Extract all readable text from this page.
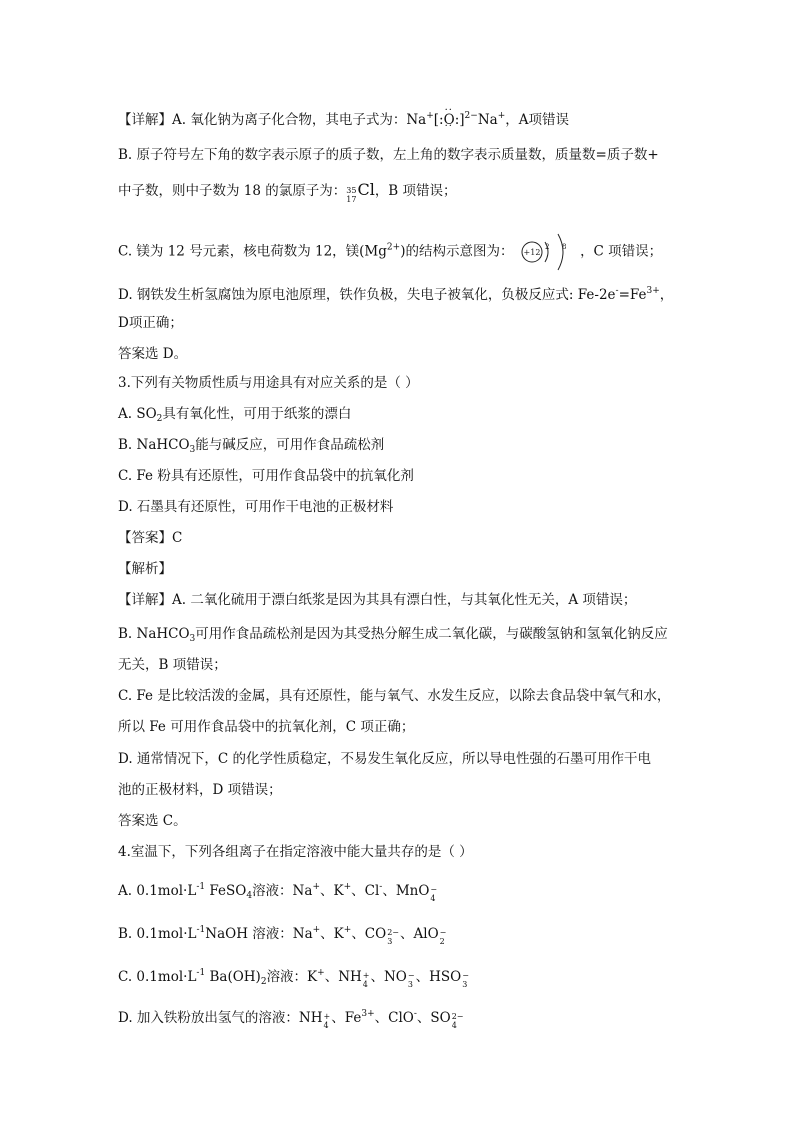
【详解】A. 氧化钠为离子化合物，其电子式为：Na+[:·· O ··:]$^{2-}$Na+，A项错误
B. 原子符号左下角的数字表示原子的质子数，左上角的数字表示质量数，质量数=质子数+
中子数，则中子数为 18 的氯原子为： 35
17
Cl，B 项错误；
C. 镁为 12 号元素，核电荷数为 12，镁$(Mg^{2+})$的结构示意图为： +12
2 8 ，C 项错误；
D. 钢铁发生析氢腐蚀为原电池原理，铁作负极，失电子被氧化，负极反应式: $Fe-2e^-=Fe^{3+}$，
D项正确；
答案选 D。
3.下列有关物质性质与用途具有对应关系的是（ ）
A. $SO_2$具有氧化性，可用于纸浆的漂白
B. NaHCO$_3$能与碱反应，可用作食品疏松剂
C. Fe 粉具有还原性，可用作食品袋中的抗氧化剂
D. 石墨具有还原性，可用作干电池的正极材料
【答案】C
【解析】
【详解】A. 二氧化硫用于漂白纸浆是因为其具有漂白性，与其氧化性无关，A 项错误；
B. NaHCO$_3$可用作食品疏松剂是因为其受热分解生成二氧化碳，与碳酸氢钠和氢氧化钠反应
无关，B 项错误；
C. Fe 是比较活泼的金属，具有还原性，能与氧气、水发生反应，以除去食品袋中氧气和水，
所以 Fe 可用作食品袋中的抗氧化剂，C 项正确；
D. 通常情况下，C 的化学性质稳定，不易发生氧化反应，所以导电性强的石墨可用作干电
池的正极材料，D 项错误；
答案选 C。
4.室温下，下列各组离子在指定溶液中能大量共存的是（ ）
A. $0.1mol\cdot L^{-1}$ FeSO$_4$溶液：Na+、K+、Cl-、MnO −
4
B. $0.1mol\cdot L^{-1}NaOH$ 溶液：Na+、K+、CO 2−
3 、AlO −
2
C. $0.1mol\cdot L^{-1}$ $Ba(OH)_2$溶液：K+、NH +
4 、NO −
3 、HSO −
3
D. 加入铁粉放出氢气的溶液：NH +
4 、$Fe^{3+}$、ClO-、SO 2−
4
